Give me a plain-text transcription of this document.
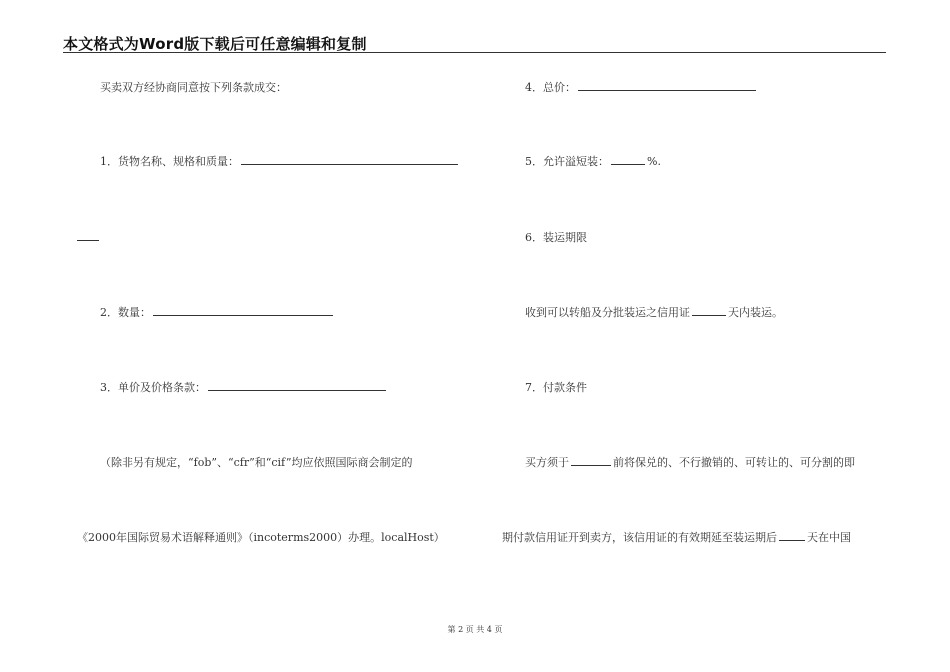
本文格式为Word版下载后可任意编辑和复制
买卖双方经协商同意按下列条款成交：
1．货物名称、规格和质量：
2．数量：
3．单价及价格条款：
（除非另有规定，“fob”、“cfr”和“cif”均应依照国际商会制定的
《2000年国际贸易术语解释通则》（incoterms2000）办理。localHost）
4．总价：
5．允许溢短装：	%.
6．装运期限
收到可以转船及分批装运之信用证	天内装运。
7．付款条件
买方须于	前将保兑的、不行撤销的、可转让的、可分割的即
期付款信用证开到卖方，该信用证的有效期延至装运期后	天在中国
第 2 页 共 4 页
